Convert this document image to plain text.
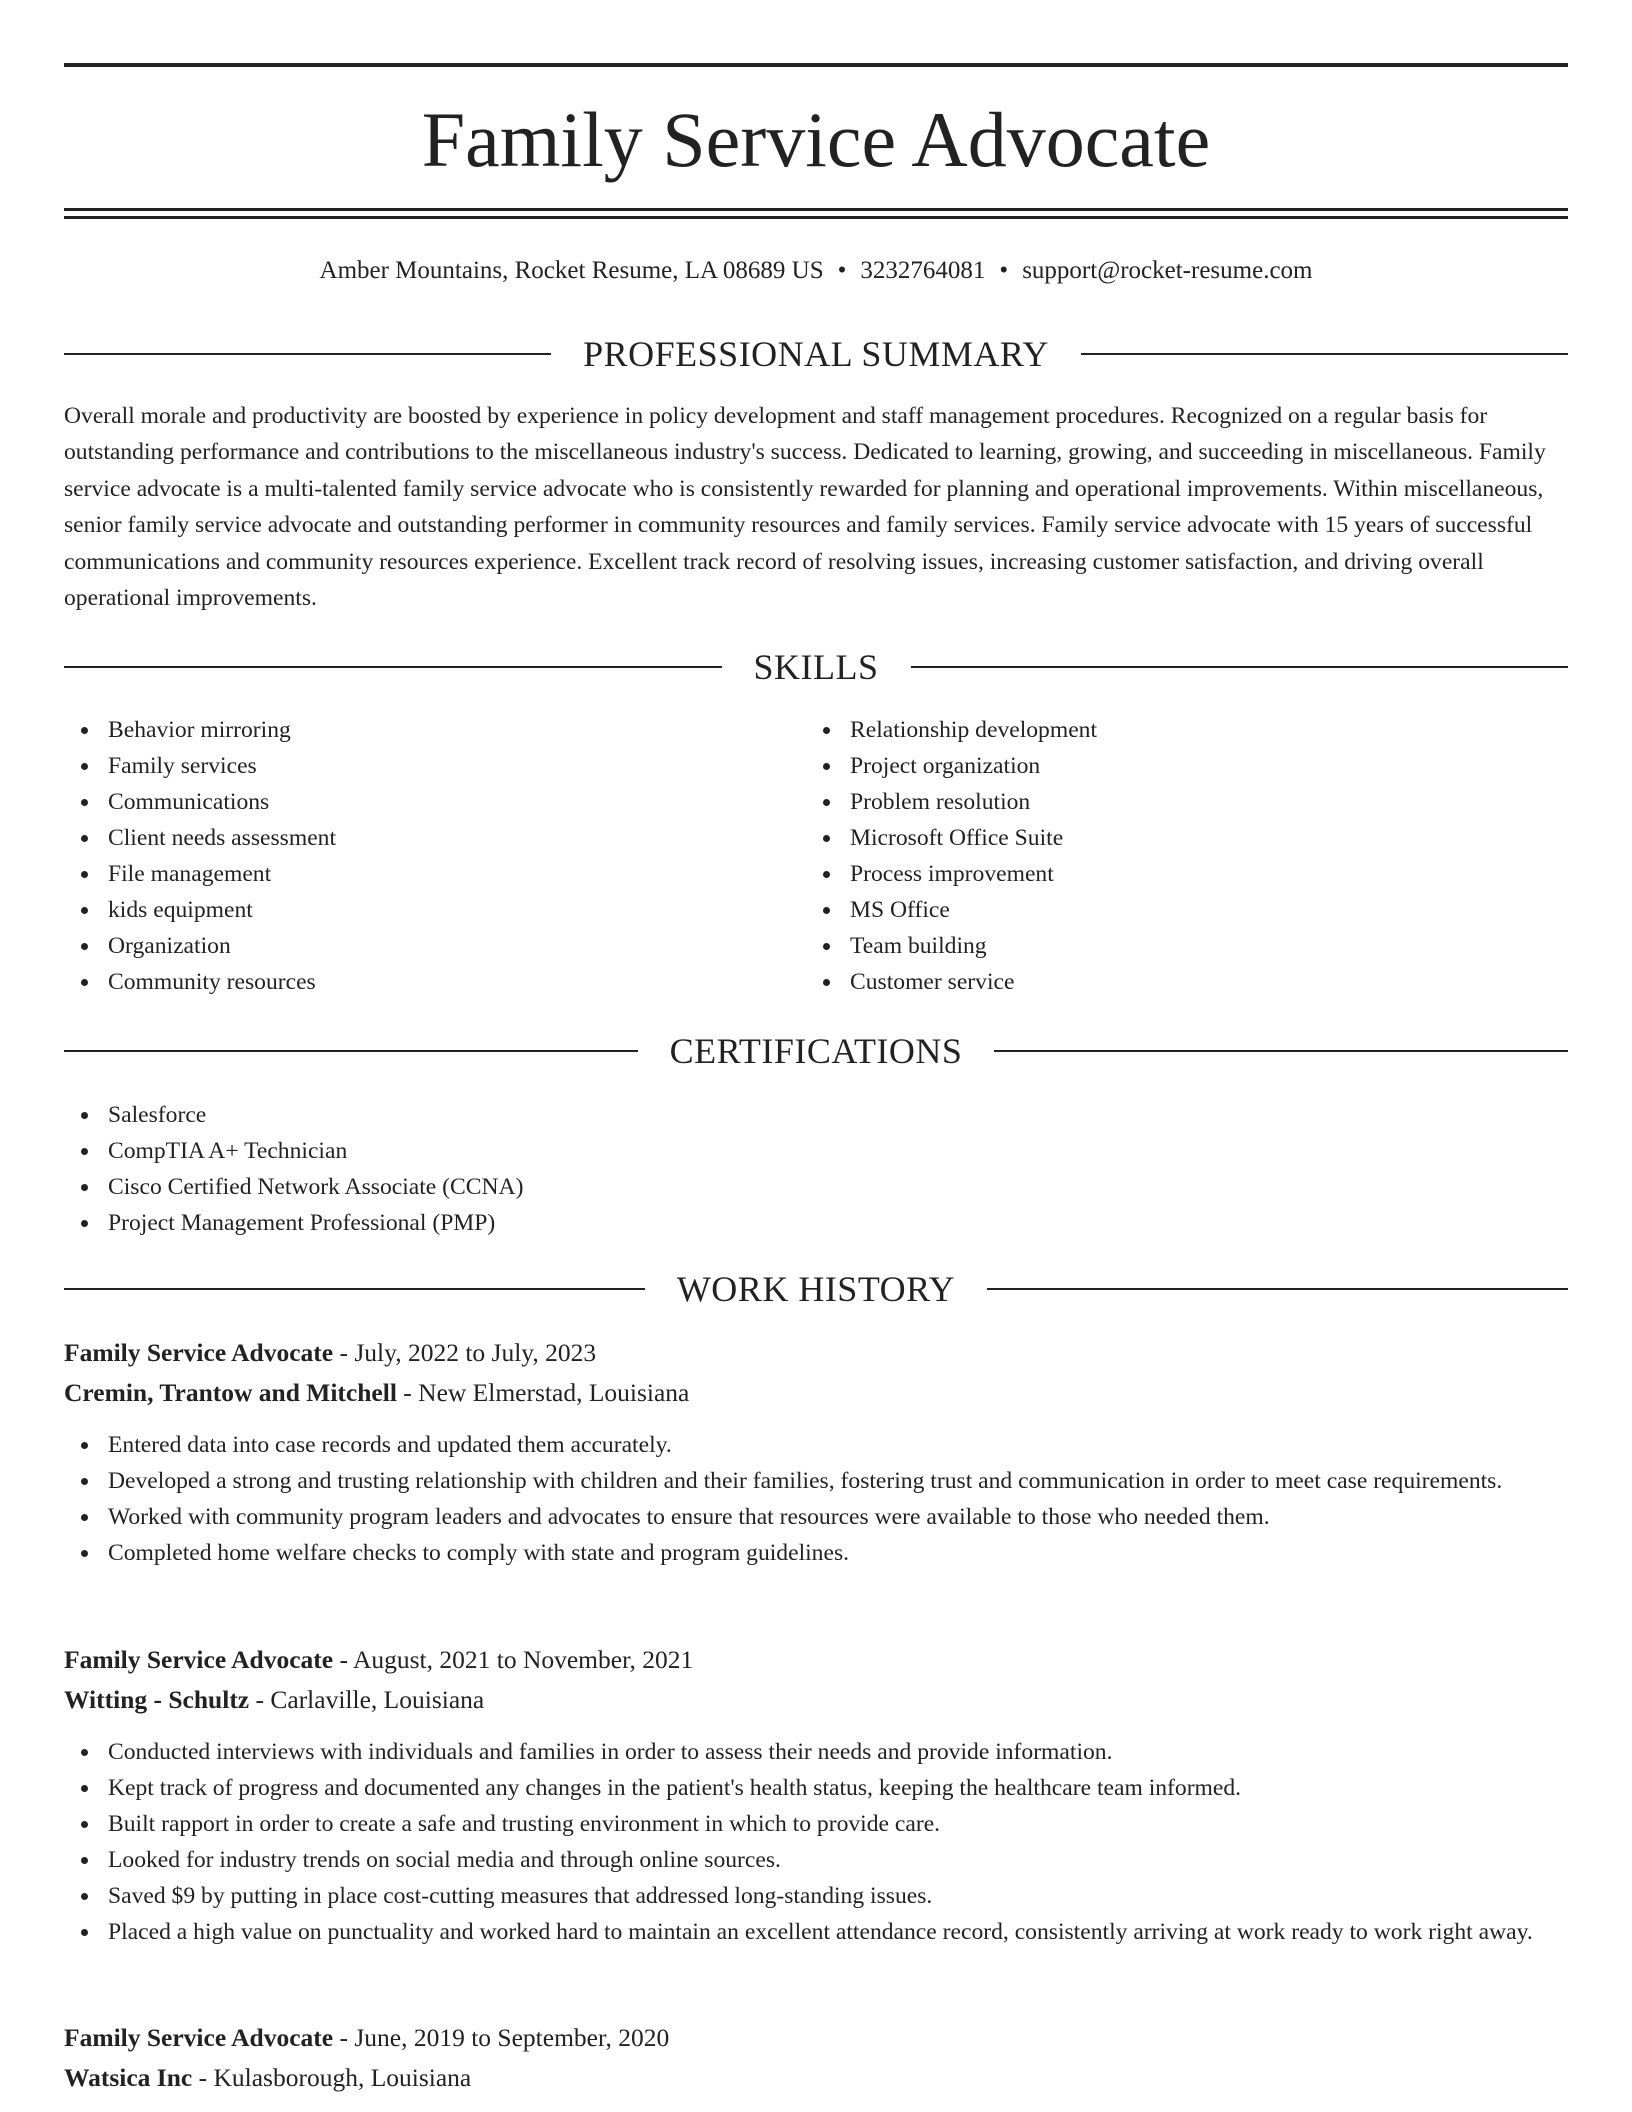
Family Service Advocate
Amber Mountains, Rocket Resume, LA 08689 US • 3232764081 • support@rocket-resume.com
PROFESSIONAL SUMMARY

Overall morale and productivity are boosted by experience in policy development and staff management procedures. Recognized on a regular basis for outstanding performance and contributions to the miscellaneous industry's success. Dedicated to learning, growing, and succeeding in miscellaneous. Family service advocate is a multi-talented family service advocate who is consistently rewarded for planning and operational improvements. Within miscellaneous, senior family service advocate and outstanding performer in community resources and family services. Family service advocate with 15 years of successful communications and community resources experience. Excellent track record of resolving issues, increasing customer satisfaction, and driving overall operational improvements.

SKILLS
Behavior mirroring
Family services
Communications
Client needs assessment
File management
kids equipment
Organization
Community resources
Relationship development
Project organization
Problem resolution
Microsoft Office Suite
Process improvement
MS Office
Team building
Customer service
CERTIFICATIONS
Salesforce
CompTIA A+ Technician
Cisco Certified Network Associate (CCNA)
Project Management Professional (PMP)
WORK HISTORY
Family Service Advocate - July, 2022 to July, 2023
Cremin, Trantow and Mitchell - New Elmerstad, Louisiana
Entered data into case records and updated them accurately.
Developed a strong and trusting relationship with children and their families, fostering trust and communication in order to meet case requirements.
Worked with community program leaders and advocates to ensure that resources were available to those who needed them.
Completed home welfare checks to comply with state and program guidelines.
Family Service Advocate - August, 2021 to November, 2021
Witting - Schultz - Carlaville, Louisiana
Conducted interviews with individuals and families in order to assess their needs and provide information.
Kept track of progress and documented any changes in the patient's health status, keeping the healthcare team informed.
Built rapport in order to create a safe and trusting environment in which to provide care.
Looked for industry trends on social media and through online sources.
Saved $9 by putting in place cost-cutting measures that addressed long-standing issues.
Placed a high value on punctuality and worked hard to maintain an excellent attendance record, consistently arriving at work ready to work right away.
Family Service Advocate - June, 2019 to September, 2020
Watsica Inc - Kulasborough, Louisiana
